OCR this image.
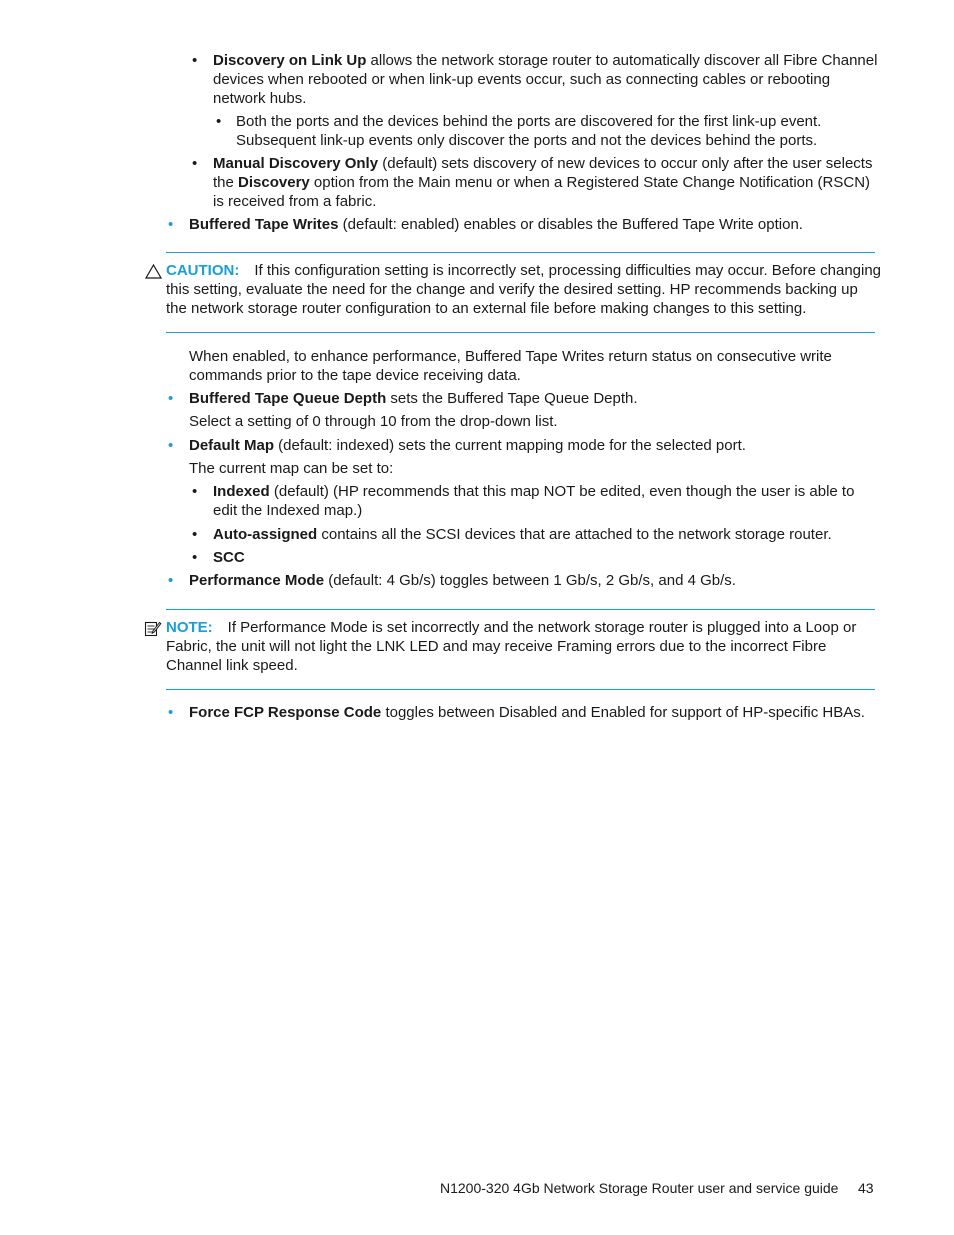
• Discovery on Link Up allows the network storage router to automatically discover all Fibre Channel
devices when rebooted or when link-up events occur, such as connecting cables or rebooting
network hubs.
• Both the ports and the devices behind the ports are discovered for the first link-up event.
Subsequent link-up events only discover the ports and not the devices behind the ports.
• Manual Discovery Only (default) sets discovery of new devices to occur only after the user selects
the Discovery option from the Main menu or when a Registered State Change Notification (RSCN)
is received from a fabric.
• Buffered Tape Writes (default: enabled) enables or disables the Buffered Tape Write option.
CAUTION: If this configuration setting is incorrectly set, processing difficulties may occur. Before changing
this setting, evaluate the need for the change and verify the desired setting. HP recommends backing up
the network storage router configuration to an external file before making changes to this setting.
When enabled, to enhance performance, Buffered Tape Writes return status on consecutive write
commands prior to the tape device receiving data.
• Buffered Tape Queue Depth sets the Buffered Tape Queue Depth.
Select a setting of 0 through 10 from the drop-down list.
• Default Map (default: indexed) sets the current mapping mode for the selected port.
The current map can be set to:
• Indexed (default) (HP recommends that this map NOT be edited, even though the user is able to
edit the Indexed map.)
• Auto-assigned contains all the SCSI devices that are attached to the network storage router.
• SCC
• Performance Mode (default: 4 Gb/s) toggles between 1 Gb/s, 2 Gb/s, and 4 Gb/s.
NOTE: If Performance Mode is set incorrectly and the network storage router is plugged into a Loop or
Fabric, the unit will not light the LNK LED and may receive Framing errors due to the incorrect Fibre
Channel link speed.
• Force FCP Response Code toggles between Disabled and Enabled for support of HP-specific HBAs.
N1200-320 4Gb Network Storage Router user and service guide 43
